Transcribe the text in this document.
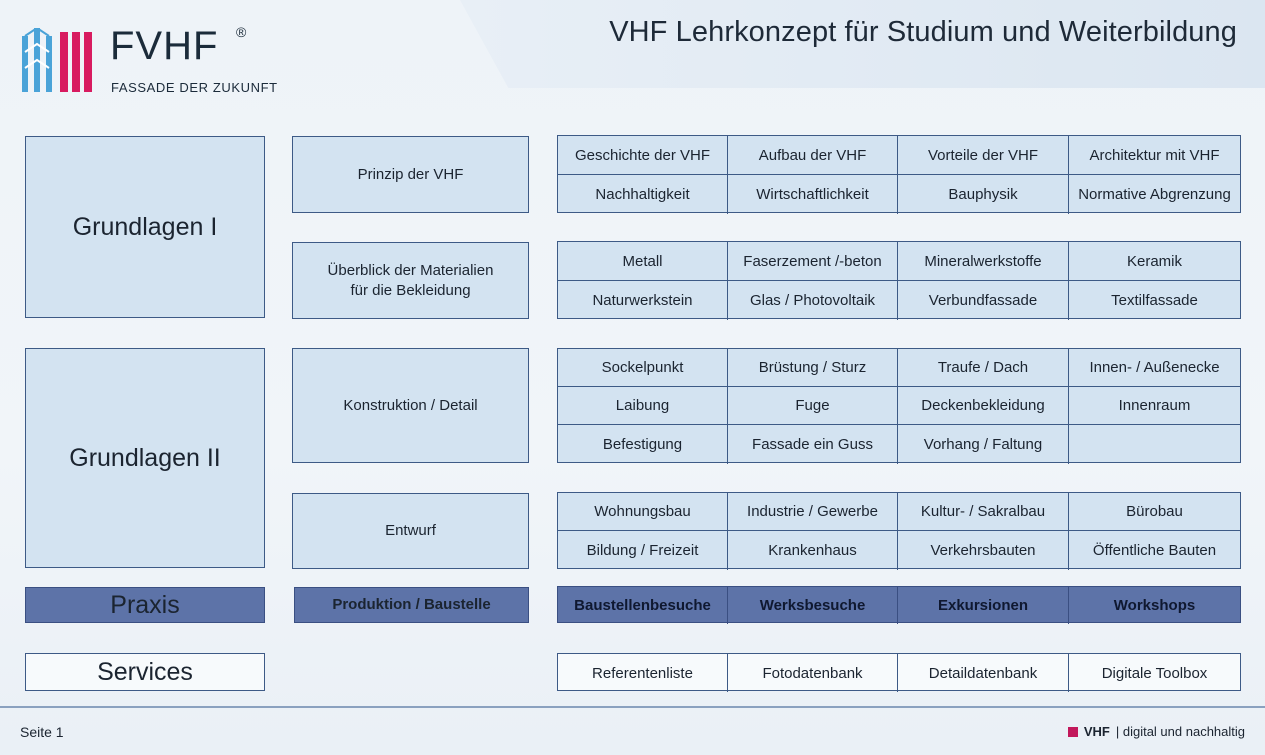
VHF Lehrkonzept für Studium und Weiterbildung
FVHF ®
FASSADE DER ZUKUNFT
Grundlagen I
Grundlagen II
Praxis
Services
Prinzip der VHF
Überblick der Materialien
für die Bekleidung
Konstruktion / Detail
Entwurf
Produktion / Baustelle
Geschichte der VHF	Aufbau der VHF	Vorteile der VHF	Architektur mit VHF
Nachhaltigkeit	Wirtschaftlichkeit	Bauphysik	Normative Abgrenzung
Metall	Faserzement /-beton	Mineralwerkstoffe	Keramik
Naturwerkstein	Glas / Photovoltaik	Verbundfassade	Textilfassade
Sockelpunkt	Brüstung / Sturz	Traufe / Dach	Innen- / Außenecke
Laibung	Fuge	Deckenbekleidung	Innenraum
Befestigung	Fassade ein Guss	Vorhang / Faltung
Wohnungsbau	Industrie / Gewerbe	Kultur- / Sakralbau	Bürobau
Bildung / Freizeit	Krankenhaus	Verkehrsbauten	Öffentliche Bauten
Baustellenbesuche	Werksbesuche	Exkursionen	Workshops
Referentenliste	Fotodatenbank	Detaildatenbank	Digitale Toolbox
Seite 1	VHF | digital und nachhaltig
